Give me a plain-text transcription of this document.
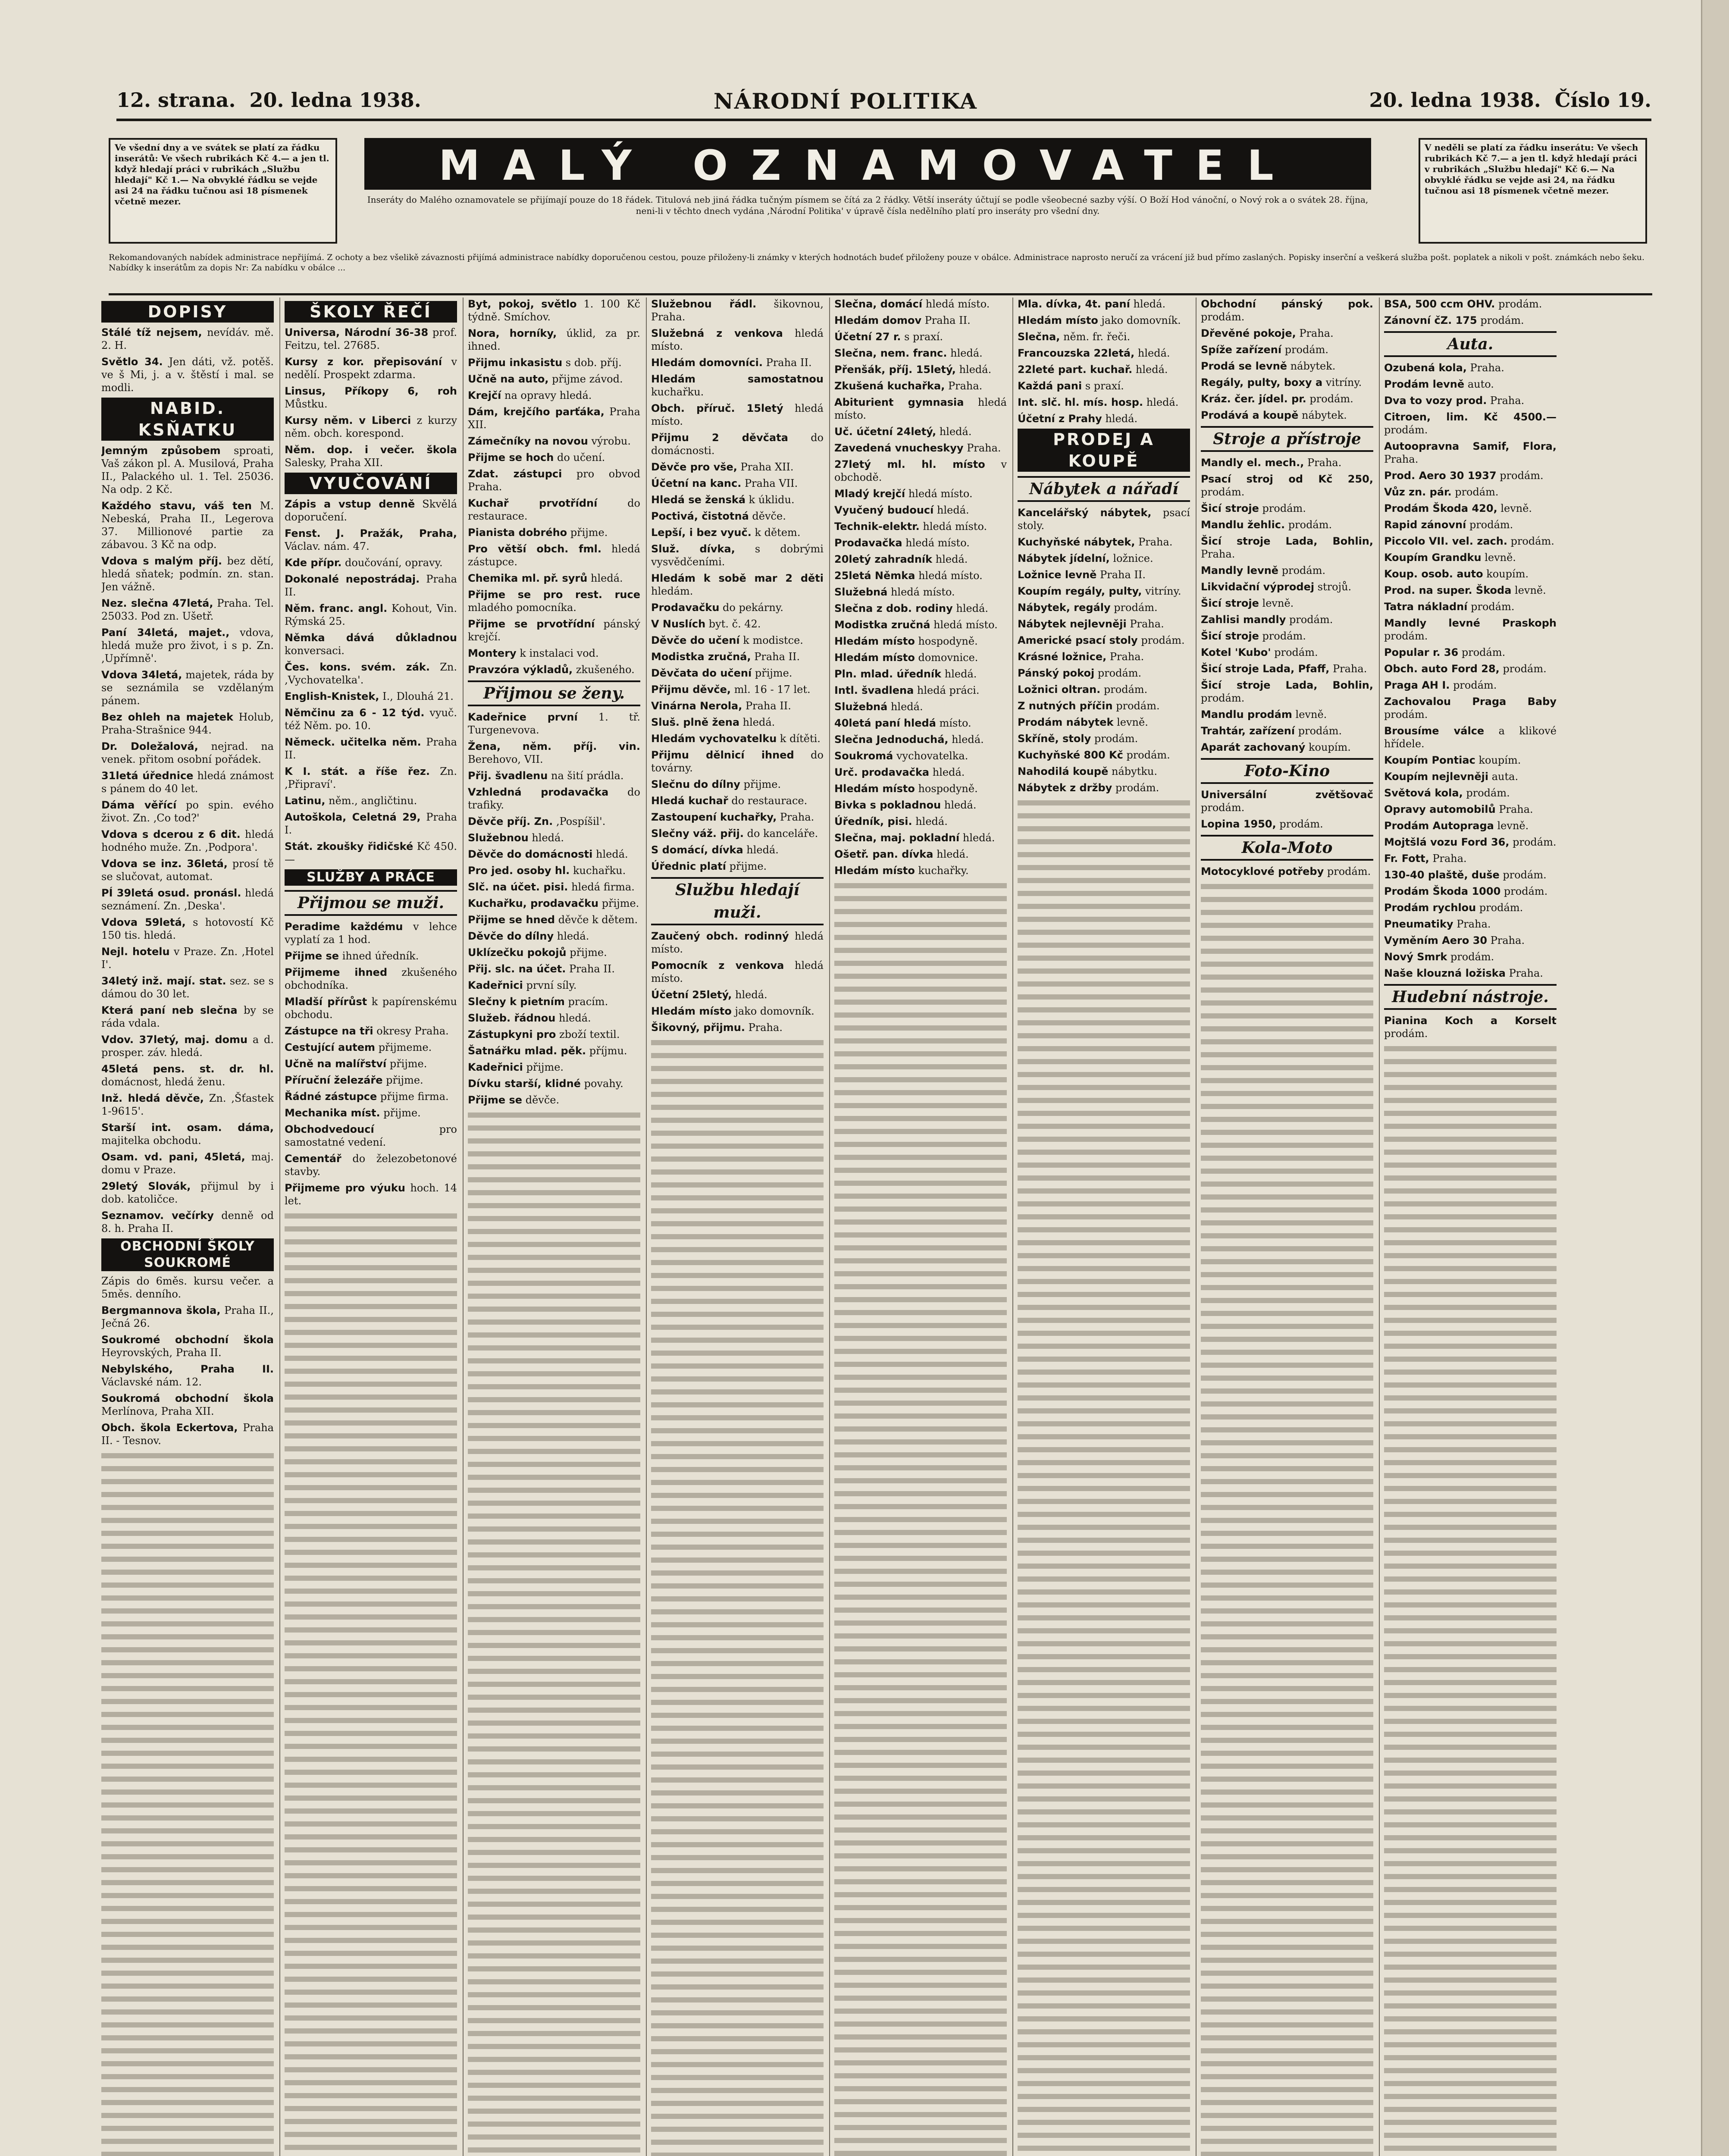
12. strana. 20. ledna 1938.	NÁRODNÍ POLITIKA	20. ledna 1938. Číslo 19.
Ve všední dny a ve svátek se platí za řádku inserátů: Ve všech rubrikách Kč 4.— a jen tl. když hledají práci v rubrikách „Službu hledají" Kč 1.— Na obvyklé řádku se vejde asi 24 na řádku tučnou asi 18 písmenek včetně mezer.
MALÝ OZNAMOVATEL
Inseráty do Malého oznamovatele se přijímají pouze do 18 řádek. Titulová neb jiná řádka tučným písmem se čítá za 2 řádky. Větší inseráty účtují se podle všeobecné sazby výší. O Boží Hod vánoční, o Nový rok a o svátek 28. října, neni-li v těchto dnech vydána ‚Národní Politika' v úpravě čísla nedělního platí pro inseráty pro všední dny.
V neděli se platí za řádku inserátu: Ve všech rubrikách Kč 7.— a jen tl. když hledají práci v rubrikách „Službu hledají" Kč 6.— Na obvyklé řádku se vejde asi 24, na řádku tučnou asi 18 písmenek včetně mezer.
Rekomandovaných nabídek administrace nepřijímá. Z ochoty a bez všelikě závaznosti přijímá administrace nabídky doporučenou cestou, pouze přiloženy-li známky v kterých hodnotách budeť přiloženy pouze v obálce. Administrace naprosto neručí za vrácení již bud přímo zaslaných. Popisky inserční a veškerá služba pošt. poplatek a nikoli v pošt. známkách nebo šeku. Nabídky k inserátům za dopis Nr: Za nabídku v obálce ...
DOPISY
Stálé tíž nejsem, nevídáv. mě. 2. H.
Světlo 34. Jen dáti, vž. potěš. ve š Mi, j. a v. štěstí i mal. se modli.
NABID. KSŇATKU
Jemným způsobem sproati, Vaš zákon pl. A. Musilová, Praha II., Palackého ul. 1. Tel. 25036. Na odp. 2 Kč.
Každého stavu, váš ten M. Nebeská, Praha II., Legerova 37. Millionové partie za zábavou. 3 Kč na odp.
Vdova s malým příj. bez dětí, hledá sňatek; podmín. zn. stan. Jen vážně.
Nez. slečna 47letá, Praha. Tel. 25033. Pod zn. Ušetř.
Paní 34letá, majet., vdova, hledá muže pro život, i s p. Zn. ‚Upřímně'.
Vdova 34letá, majetek, ráda by se seznámila se vzdělaným pánem.
Bez ohleh na majetek Holub, Praha-Strašnice 944.
Dr. Doležalová, nejrad. na venek. přitom osobní pořádek.
31letá úřednice hledá známost s pánem do 40 let.
Dáma věřící po spin. evého život. Zn. ‚Co tod?'
Vdova s dcerou z 6 dit. hledá hodného muže. Zn. ‚Podpora'.
Vdova se inz. 36letá, prosí tě se slučovat, automat.
PÍ 39letá osud. pronásl. hledá seznámení. Zn. ‚Deska'.
Vdova 59letá, s hotovostí Kč 150 tis. hledá.
Nejl. hotelu v Praze. Zn. ‚Hotel I'.
34letý inž. mají. stat. sez. se s dámou do 30 let.
Která paní neb slečna by se ráda vdala.
Vdov. 37letý, maj. domu a d. prosper. záv. hledá.
45letá pens. st. dr. hl. domácnost, hledá ženu.
Inž. hledá děvče, Zn. ‚Šťastek 1-9615'.
Starší int. osam. dáma, majitelka obchodu.
Osam. vd. pani, 45letá, maj. domu v Praze.
29letý Slovák, přijmul by i dob. katoličce.
Seznamov. večírky denně od 8. h. Praha II.
OBCHODNÍ ŠKOLY SOUKROMÉ
Zápis do 6měs. kursu večer. a 5měs. denního.
Bergmannova škola, Praha II., Ječná 26.
Soukromé obchodní škola Heyrovských, Praha II.
Nebylského, Praha II. Václavské nám. 12.
Soukromá obchodní škola Merlínova, Praha XII.
Obch. škola Eckertova, Praha II. - Tesnov.
ŠKOLY ŘEČÍ
Universa, Národní 36-38 prof. Feitzu, tel. 27685.
Kursy z kor. přepisování v nedělí. Prospekt zdarma.
Linsus, Příkopy 6, roh Můstku.
Kursy něm. v Liberci z kurzy něm. obch. korespond.
Něm. dop. i večer. škola Salesky, Praha XII.
VYUČOVÁNÍ
Zápis a vstup denně Skvělá doporučení.
Fenst. J. Pražák, Praha, Václav. nám. 47.
Kde přípr. doučování, opravy.
Dokonalé nepostrádaj. Praha II.
Něm. franc. angl. Kohout, Vin. Rýmská 25.
Němka dává důkladnou konversaci.
Čes. kons. svém. zák. Zn. ‚Vychovatelka'.
English-Knistek, I., Dlouhá 21.
Němčinu za 6 - 12 týd. vyuč. též Něm. po. 10.
Německ. učitelka něm. Praha II.
K I. stát. a říše řez. Zn. ‚Připraví'.
Latinu, něm., angličtinu.
Autoškola, Celetná 29, Praha I.
Stát. zkoušky řidičské Kč 450.—
SLUŽBY A PRÁCE
Přijmou se muži.
Peradime každému v lehce vyplatí za 1 hod.
Přijme se ihned úředník.
Přijmeme ihned zkušeného obchodníka.
Mladší přírůst k papírenskému obchodu.
Zástupce na tři okresy Praha.
Cestující autem přijmeme.
Učně na malířství přijme.
Příruční železáře přijme.
Řádné zástupce přijme firma.
Mechanika míst. přijme.
Obchodvedoucí	pro samostatné vedení.
Cementář do železobetonové stavby.
Přijmeme pro výuku hoch. 14 let.
Byt, pokoj, světlo 1. 100 Kč týdně. Smíchov.
Nora, horníky, úklid, za pr. ihned.
Přijmu inkasistu s dob. příj.
Učně na auto, přijme závod.
Krejčí na opravy hledá.
Dám, krejčího parťáka, Praha XII.
Zámečníky na novou výrobu.
Přijme se hoch do učení.
Zdat. zástupci pro obvod Praha.
Kuchař prvotřídní	do restaurace.
Pianista dobrého přijme.
Pro větší obch. fml. hledá zástupce.
Chemika ml. př. syrů hledá.
Přijme se pro rest. ruce mladého pomocníka.
Přijme se prvotřídní pánský krejčí.
Montery k instalaci vod.
Pravzóra výkladů, zkušeného.
Přijmou se ženy.
Kadeřnice první 1. tř. Turgenevova.
Žena, něm. příj. vin. Berehovo, VII.
Přij. švadlenu na šití prádla.
Vzhledná prodavačka do trafiky.
Děvče příj. Zn. ‚Pospíšil'.
Služebnou hledá.
Děvče do domácnosti hledá.
Pro jed. osoby hl. kuchařku.
Slč. na účet. pisi. hledá firma.
Kuchařku, prodavačku přijme.
Přijme se hned děvče k dětem.
Děvče do dílny hledá.
Uklízečku pokojů přijme.
Přij. slc. na účet. Praha II.
Kadeřnici první síly.
Slečny k pietním pracím.
Služeb. řádnou hledá.
Zástupkyni pro zboží textil.
Šatnářku mlad. pěk. příjmu.
Kadeřnici přijme.
Dívku starší, klidné povahy.
Přijme se děvče.
Služebnou řádl. šikovnou, Praha.
Služebná z venkova hledá místo.
Hledám domovníci. Praha II.
Hledám samostatnou kuchařku.
Obch. příruč. 15letý hledá místo.
Přijmu 2 děvčata do domácnosti.
Děvče pro vše, Praha XII.
Účetní na kanc. Praha VII.
Hledá se ženská k úklidu.
Poctivá, čistotná děvče.
Lepší, i bez vyuč. k dětem.
Služ. dívka, s dobrými vysvědčeními.
Hledám k sobě mar 2 děti hledám.
Prodavačku do pekárny.
V Nuslích byt. č. 42.
Děvče do učení k modistce.
Modistka zručná, Praha II.
Děvčata do učení přijme.
Přijmu děvče, ml. 16 - 17 let.
Vinárna Nerola, Praha II.
Sluš. plně žena hledá.
Hledám vychovatelku k dítěti.
Přijmu dělnicí ihned do továrny.
Slečnu do dílny přijme.
Hledá kuchař do restaurace.
Zastoupení kuchařky, Praha.
Slečny váž. přij. do kanceláře.
S domácí, dívka hledá.
Úřednic platí přijme.
Službu hledají muži.
Zaučený obch. rodinný hledá místo.
Pomocník z venkova hledá místo.
Účetní 25letý, hledá.
Hledám místo jako domovník.
Šikovný, přijmu. Praha.
Slečna, domácí hledá místo.
Hledám domov Praha II.
Účetní 27 r. s praxí.
Slečna, nem. franc. hledá.
Přenšák, příj. 15letý, hledá.
Zkušená kuchařka, Praha.
Abiturient gymnasia hledá místo.
Uč. účetní 24letý, hledá.
Zavedená vnucheskyy Praha.
27letý ml. hl. místo v obchodě.
Mladý krejčí hledá místo.
Vyučený budoucí hledá.
Technik-elektr. hledá místo.
Prodavačka hledá místo.
20letý zahradník hledá.
25letá Němka hledá místo.
Služebná hledá místo.
Slečna z dob. rodiny hledá.
Modistka zručná hledá místo.
Hledám místo hospodyně.
Hledám místo domovnice.
Pln. mlad. úředník hledá.
Intl. švadlena hledá práci.
Služebná hledá.
40letá paní hledá místo.
Slečna Jednoduchá, hledá.
Soukromá vychovatelka.
Urč. prodavačka hledá.
Hledám místo hospodyně.
Bivka s pokladnou hledá.
Úředník, pisi. hledá.
Slečna, maj. pokladní hledá.
Ošetř. pan. dívka hledá.
Hledám místo kuchařky.
Mla. dívka, 4t. paní hledá.
Hledám místo jako domovník.
Slečna, něm. fr. řeči.
Francouzska 22letá, hledá.
22leté part. kuchař. hledá.
Každá pani s praxí.
Int. slč. hl. mís. hosp. hledá.
Účetní z Prahy hledá.
PRODEJ A KOUPĚ
Nábytek a nářadí
Kancelářský nábytek, psací stoly.
Kuchyňské nábytek, Praha.
Nábytek jídelní, ložnice.
Ložnice levně Praha II.
Koupím regály, pulty, vitríny.
Nábytek, regály prodám.
Nábytek nejlevněji Praha.
Americké psací stoly prodám.
Krásné ložnice, Praha.
Pánský pokoj prodám.
Ložnici oltran. prodám.
Z nutných příčin prodám.
Prodám nábytek levně.
Skříně, stoly prodám.
Kuchyňské 800 Kč prodám.
Nahodilá koupě nábytku.
Nábytek z držby prodám.
Obchodní pánský pok. prodám.
Dřevěné pokoje, Praha.
Spíže zařízení prodám.
Prodá se levně nábytek.
Regály, pulty, boxy a vitríny.
Kráz. čer. jídel. pr. prodám.
Prodává a koupě nábytek.
Stroje a přístroje
Mandly el. mech., Praha.
Psací stroj od Kč 250, prodám.
Šicí stroje prodám.
Mandlu žehlic. prodám.
Šicí stroje Lada, Bohlin, Praha.
Mandly levně prodám.
Likvidační výprodej strojů.
Šicí stroje levně.
Zahlisi mandly prodám.
Šicí stroje prodám.
Kotel 'Kubo' prodám.
Šicí stroje Lada, Pfaff, Praha.
Šicí stroje Lada, Bohlin, prodám.
Mandlu prodám levně.
Trahtár, zařízení prodám.
Aparát zachovaný koupím.
Foto-Kino
Universální zvětšovač prodám.
Lopina 1950, prodám.
Kola-Moto
Motocyklové potřeby prodám.
BSA, 500 ccm OHV. prodám.
Zánovní čZ. 175 prodám.
Auta.
Ozubená kola, Praha.
Prodám levně auto.
Dva to vozy prod. Praha.
Citroen, lim. Kč 4500.— prodám.
Autoopravna Samif, Flora, Praha.
Prod. Aero 30 1937 prodám.
Vůz zn. pár. prodám.
Prodám Škoda 420, levně.
Rapid zánovní prodám.
Piccolo VII. vel. zach. prodám.
Koupím Grandku levně.
Koup. osob. auto koupím.
Prod. na super. Škoda levně.
Tatra nákladní prodám.
Mandly levné Praskoph prodám.
Popular r. 36 prodám.
Obch. auto Ford 28, prodám.
Praga AH I. prodám.
Zachovalou Praga Baby prodám.
Brousíme válce a klikové hřídele.
Koupím Pontiac koupím.
Koupím nejlevněji auta.
Světová kola, prodám.
Opravy automobilů Praha.
Prodám Autopraga levně.
Mojtšlá vozu Ford 36, prodám.
Fr. Fott, Praha.
130-40 plaště, duše prodám.
Prodám Škoda 1000 prodám.
Prodám rychlou prodám.
Pneumatiky Praha.
Vyměním Aero 30 Praha.
Nový Smrk prodám.
Naše klouzná ložiska Praha.
Hudební nástroje.
Pianina Koch a Korselt prodám.
